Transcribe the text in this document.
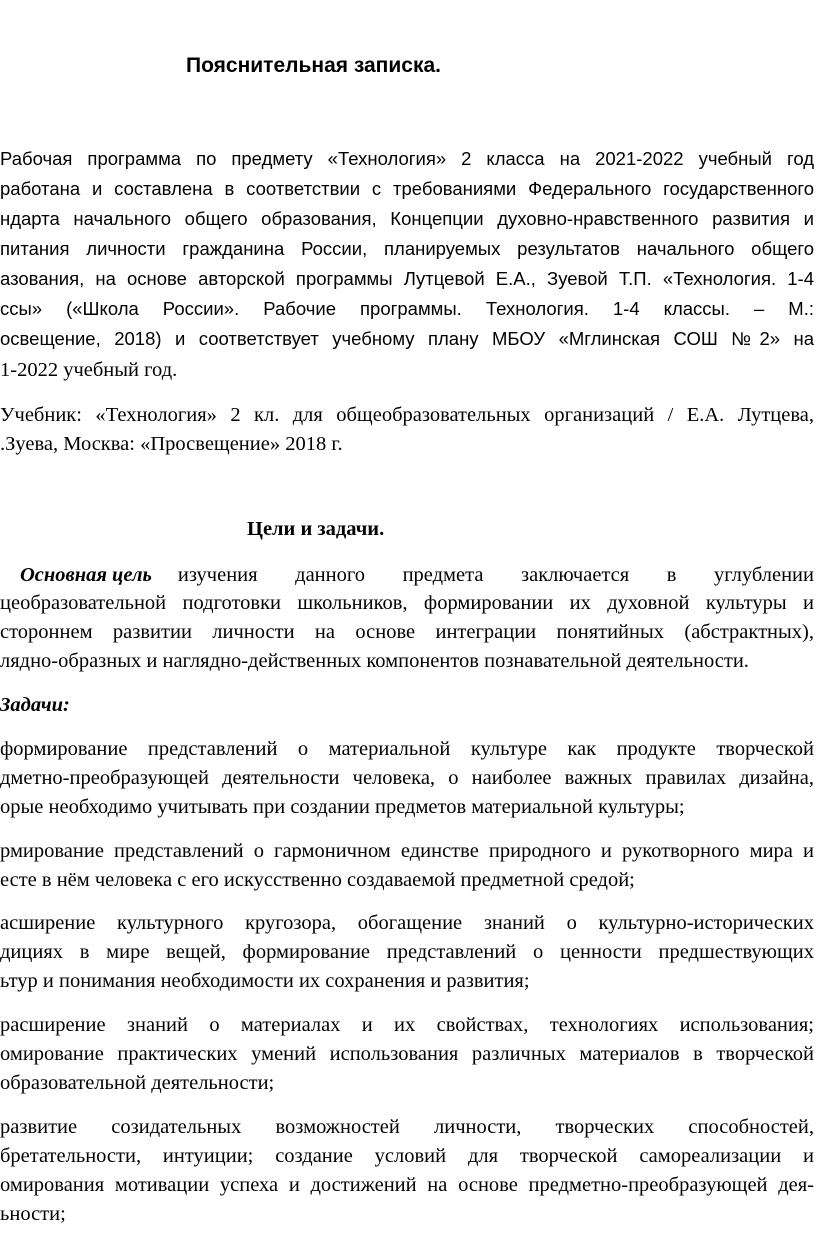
Пояснительная записка.
Рабочая программа по предмету «Технология» 2 класса на 2021-2022 учебный год
работана и составлена в соответствии с требованиями Федерального государственного
ндарта начального общего образования, Концепции духовно-нравственного развития и
питания личности гражданина России, планируемых результатов начального общего
азования, на основе авторской программы Лутцевой Е.А., Зуевой Т.П. «Технология. 1-4
ссы» («Школа России». Рабочие программы. Технология. 1-4 классы. – М.:
освещение, 2018) и соответствует учебному плану МБОУ «Мглинская СОШ №2» на
1-2022 учебный год.
Учебник: «Технология» 2 кл. для общеобразовательных организаций / Е.А. Лутцева,
.Зуева, Москва: «Просвещение» 2018 г.
Цели и задачи.
Основная цель изучения данного предмета заключается в углублении
цеобразовательной подготовки школьников, формировании их духовной культуры и
стороннем развитии личности на основе интеграции понятийных (абстрактных),
лядно-образных и наглядно-действенных компонентов познавательной деятельности.
Задачи:
формирование представлений о материальной культуре как продукте творческой
дметно-преобразующей деятельности человека, о наиболее важных правилах дизайна,
орые необходимо учитывать при создании предметов материальной культуры;
рмирование представлений о гармоничном единстве природного и рукотворного мира и
есте в нём человека с его искусственно создаваемой предметной средой;
асширение культурного кругозора, обогащение знаний о культурно-исторических
дициях в мире вещей, формирование представлений о ценности предшествующих
ьтур и понимания необходимости их сохранения и развития;
расширение знаний о материалах и их свойствах, технологиях использования;
омирование практических умений использования различных материалов в творческой
образовательной деятельности;
развитие созидательных возможностей личности, творческих способностей,
бретательности, интуиции; создание условий для творческой самореализации и
омирования мотивации успеха и достижений на основе предметно-преобразующей дея-
ьности;
